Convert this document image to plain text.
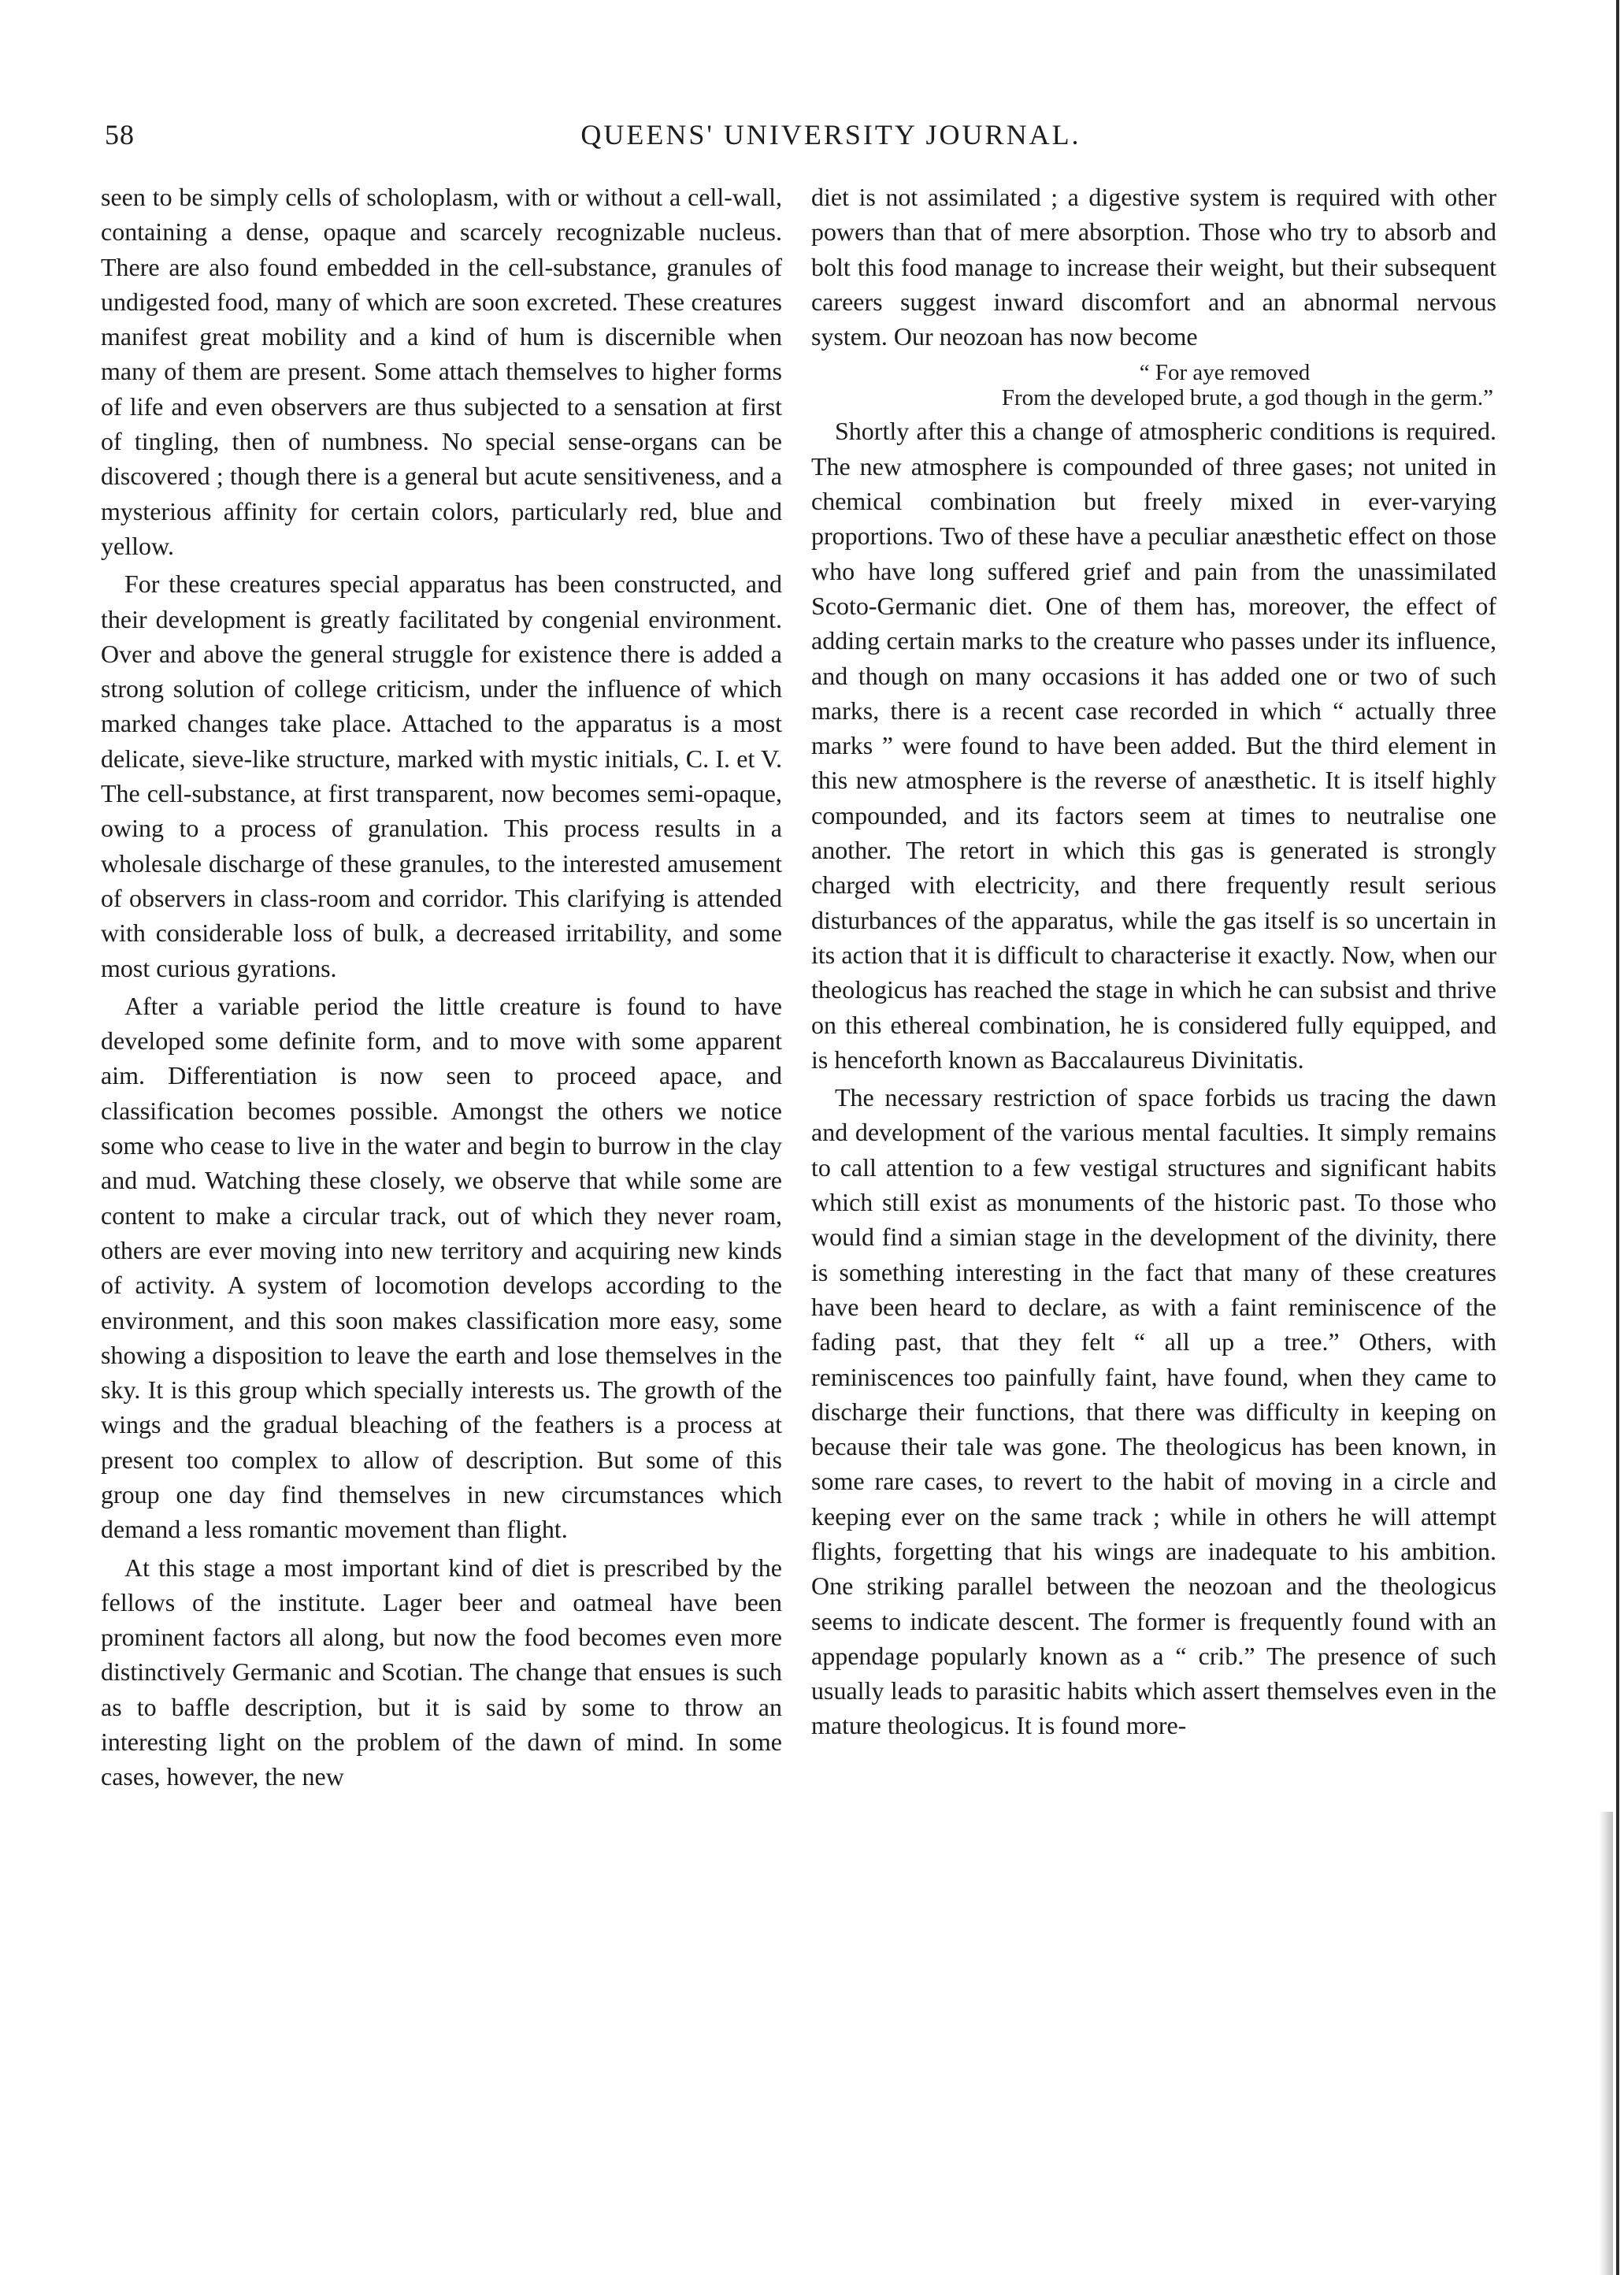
58	QUEENS' UNIVERSITY JOURNAL.

seen to be simply cells of scholoplasm, with or without a cell-wall, containing a dense, opaque and scarcely recognizable nucleus. There are also found embedded in the cell-substance, granules of undigested food, many of which are soon excreted. These creatures manifest great mobility and a kind of hum is discernible when many of them are present. Some attach themselves to higher forms of life and even observers are thus subjected to a sensation at first of tingling, then of numbness. No special sense-organs can be discovered ; though there is a general but acute sensitiveness, and a mysterious affinity for certain colors, particularly red, blue and yellow.

For these creatures special apparatus has been constructed, and their development is greatly facilitated by congenial environment. Over and above the general struggle for existence there is added a strong solution of college criticism, under the influence of which marked changes take place. Attached to the apparatus is a most delicate, sieve-like structure, marked with mystic initials, C. I. et V. The cell-substance, at first transparent, now becomes semi-opaque, owing to a process of granulation. This process results in a wholesale discharge of these granules, to the interested amusement of observers in class-room and corridor. This clarifying is attended with considerable loss of bulk, a decreased irritability, and some most curious gyrations.

After a variable period the little creature is found to have developed some definite form, and to move with some apparent aim. Differentiation is now seen to proceed apace, and classification becomes possible. Amongst the others we notice some who cease to live in the water and begin to burrow in the clay and mud. Watching these closely, we observe that while some are content to make a circular track, out of which they never roam, others are ever moving into new territory and acquiring new kinds of activity. A system of locomotion develops according to the environment, and this soon makes classification more easy, some showing a disposition to leave the earth and lose themselves in the sky. It is this group which specially interests us. The growth of the wings and the gradual bleaching of the feathers is a process at present too complex to allow of description. But some of this group one day find themselves in new circumstances which demand a less romantic movement than flight.

At this stage a most important kind of diet is prescribed by the fellows of the institute. Lager beer and oatmeal have been prominent factors all along, but now the food becomes even more distinctively Germanic and Scotian. The change that ensues is such as to baffle description, but it is said by some to throw an interesting light on the problem of the dawn of mind. In some cases, however, the new

diet is not assimilated ; a digestive system is required with other powers than that of mere absorption. Those who try to absorb and bolt this food manage to increase their weight, but their subsequent careers suggest inward discomfort and an abnormal nervous system. Our neozoan has now become

“ For aye removed
From the developed brute, a god though in the germ.”

Shortly after this a change of atmospheric conditions is required. The new atmosphere is compounded of three gases; not united in chemical combination but freely mixed in ever-varying proportions. Two of these have a peculiar anæsthetic effect on those who have long suffered grief and pain from the unassimilated Scoto-Germanic diet. One of them has, moreover, the effect of adding certain marks to the creature who passes under its influence, and though on many occasions it has added one or two of such marks, there is a recent case recorded in which “ actually three marks ” were found to have been added. But the third element in this new atmosphere is the reverse of anæsthetic. It is itself highly compounded, and its factors seem at times to neutralise one another. The retort in which this gas is generated is strongly charged with electricity, and there frequently result serious disturbances of the apparatus, while the gas itself is so uncertain in its action that it is difficult to characterise it exactly. Now, when our theologicus has reached the stage in which he can subsist and thrive on this ethereal combination, he is considered fully equipped, and is henceforth known as Baccalaureus Divinitatis.

The necessary restriction of space forbids us tracing the dawn and development of the various mental faculties. It simply remains to call attention to a few vestigal structures and significant habits which still exist as monuments of the historic past. To those who would find a simian stage in the development of the divinity, there is something interesting in the fact that many of these creatures have been heard to declare, as with a faint reminiscence of the fading past, that they felt “ all up a tree.” Others, with reminiscences too painfully faint, have found, when they came to discharge their functions, that there was difficulty in keeping on because their tale was gone. The theologicus has been known, in some rare cases, to revert to the habit of moving in a circle and keeping ever on the same track ; while in others he will attempt flights, forgetting that his wings are inadequate to his ambition. One striking parallel between the neozoan and the theologicus seems to indicate descent. The former is frequently found with an appendage popularly known as a “ crib.” The presence of such usually leads to parasitic habits which assert themselves even in the mature theologicus. It is found more-
